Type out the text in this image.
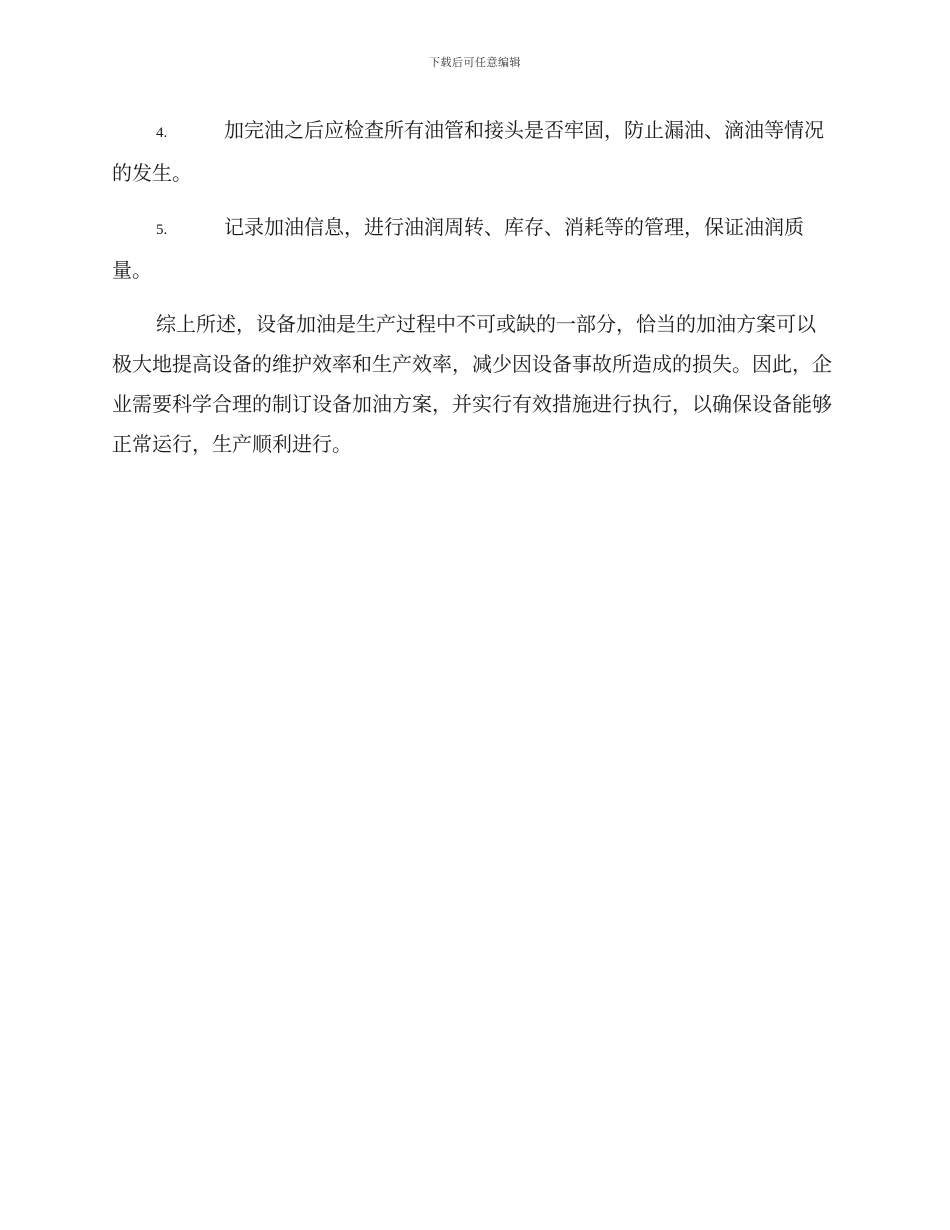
下载后可任意编辑

4.	加完油之后应检查所有油管和接头是否牢固，防止漏油、滴油等情况的发生。

5.	记录加油信息，进行油润周转、库存、消耗等的管理，保证油润质量。

综上所述，设备加油是生产过程中不可或缺的一部分，恰当的加油方案可以极大地提高设备的维护效率和生产效率，减少因设备事故所造成的损失。因此，企业需要科学合理的制订设备加油方案，并实行有效措施进行执行，以确保设备能够正常运行，生产顺利进行。
